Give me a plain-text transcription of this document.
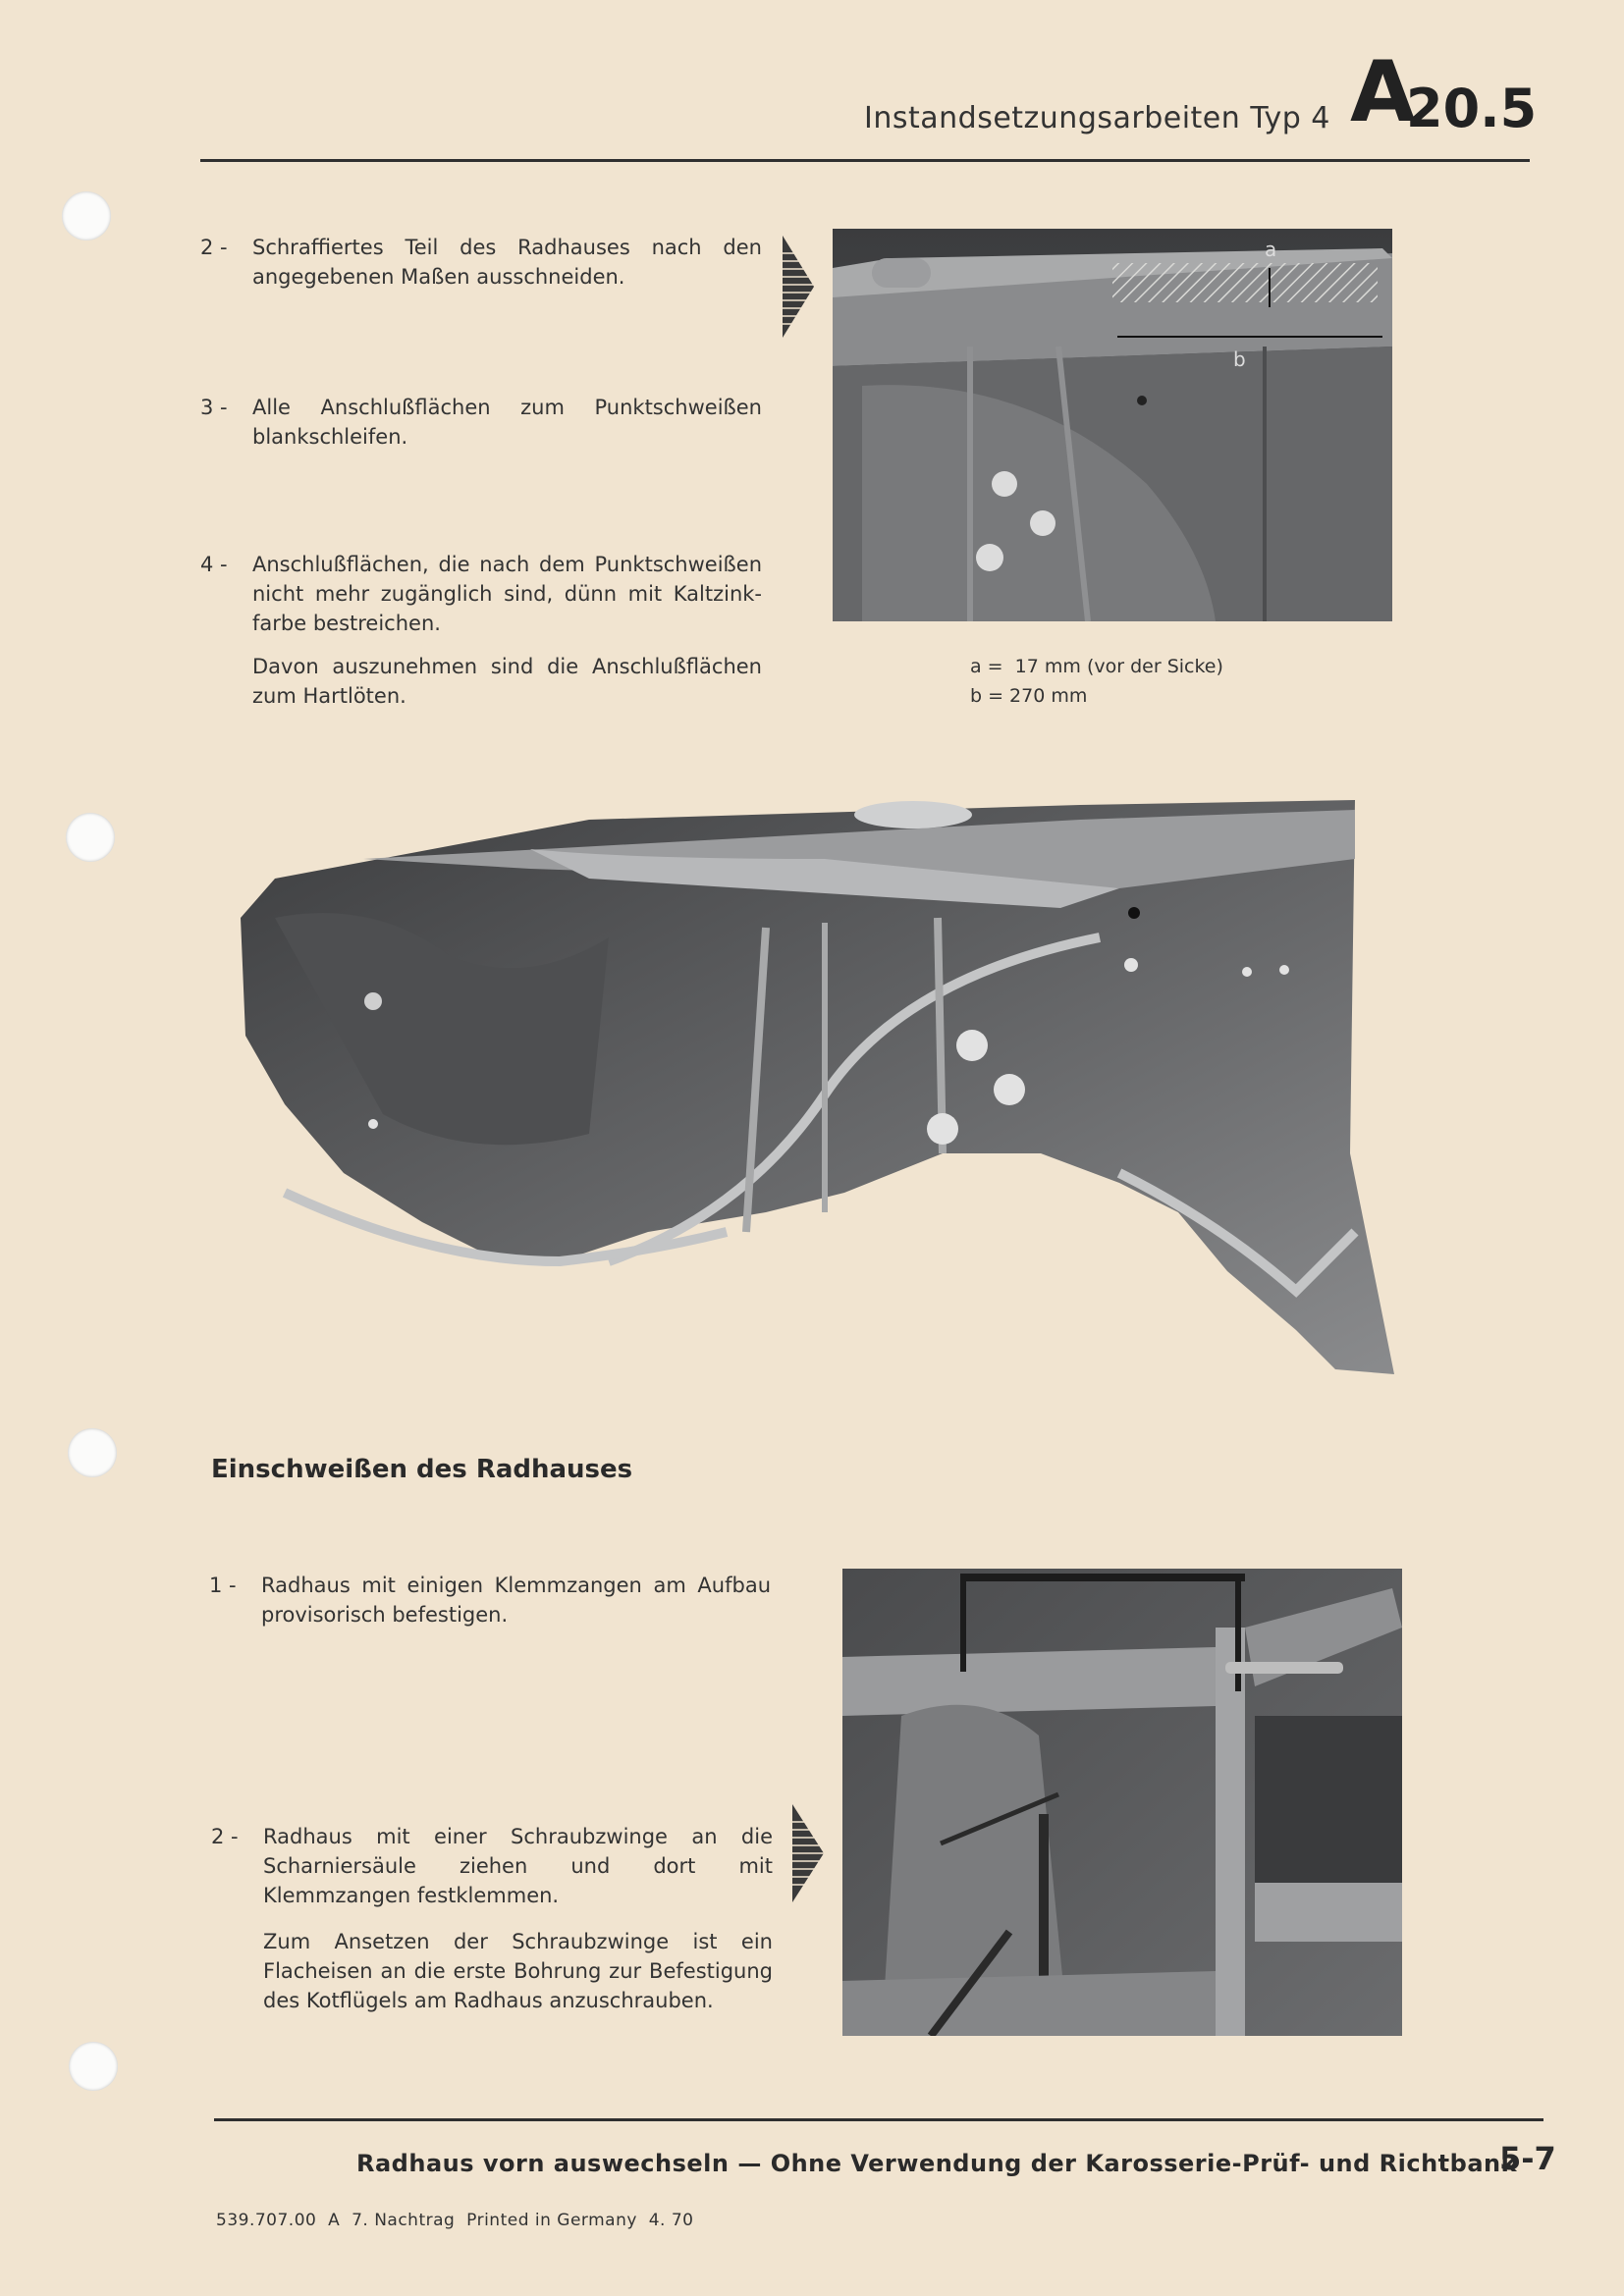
Instandsetzungsarbeiten Typ 4 A
20.5
2 -	Schraffiertes Teil des Radhauses nach den angegebenen Maßen ausschneiden.
3 -	Alle Anschlußflächen zum Punktschweißen blankschleifen.
4 -	Anschlußflächen, die nach dem Punktschweißen nicht mehr zugänglich sind, dünn mit Kaltzink-farbe bestreichen.
Davon auszunehmen sind die Anschlußflächen zum Hartlöten.
a
b
a =  17 mm (vor der Sicke)
b = 270 mm
Einschweißen des Radhauses
1 -	Radhaus mit einigen Klemmzangen am Aufbau provisorisch befestigen.
2 -	Radhaus mit einer Schraubzwinge an die Scharniersäule ziehen und dort mit Klemmzangen festklemmen.
Zum Ansetzen der Schraubzwinge ist ein Flacheisen an die erste Bohrung zur Befestigung des Kotflügels am Radhaus anzuschrauben.
Radhaus vorn auswechseln — Ohne Verwendung der Karosserie-Prüf- und Richtbank
5-7
539.707.00  A  7. Nachtrag  Printed in Germany  4. 70
